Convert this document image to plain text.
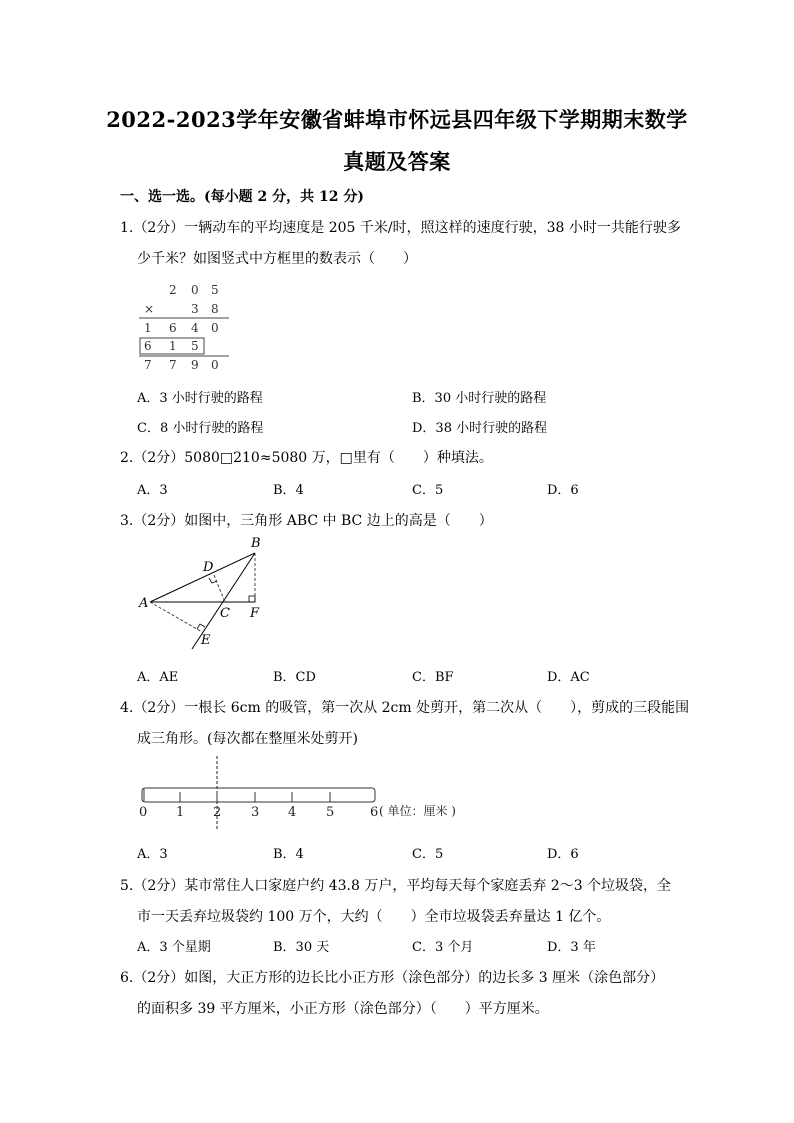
2022-2023学年安徽省蚌埠市怀远县四年级下学期期末数学
真题及答案
一、选一选。(每小题 2 分，共 12 分)
1.（2分）一辆动车的平均速度是 205 千米/时，照这样的速度行驶，38 小时一共能行驶多
少千米？如图竖式中方框里的数表示（　　）
2 0 5
×	3 8
1 6 4 0
6 1 5
7 7 9 0
A．3 小时行驶的路程	B．30 小时行驶的路程
C．8 小时行驶的路程	D．38 小时行驶的路程
2.（2分）5080□210≈5080 万，□里有（　　）种填法。
A．3	B．4	C．5	D．6
3.（2分）如图中，三角形 ABC 中 BC 边上的高是（　　）
B
D
A
C F
E
A．AE	B．CD	C．BF	D．AC
4.（2分）一根长 6cm 的吸管，第一次从 2cm 处剪开，第二次从（　　），剪成的三段能围
成三角形。(每次都在整厘米处剪开)
0 1 2 3 4 5	6 ( 单位：厘米 )
A．3	B．4	C．5	D．6
5.（2分）某市常住人口家庭户约 43.8 万户，平均每天每个家庭丢弃 2～3 个垃圾袋，全
市一天丢弃垃圾袋约 100 万个，大约（　　）全市垃圾袋丢弃量达 1 亿个。
A．3 个星期	B．30 天	C．3 个月	D．3 年
6.（2分）如图，大正方形的边长比小正方形（涂色部分）的边长多 3 厘米（涂色部分）
的面积多 39 平方厘米，小正方形（涂色部分）（　　）平方厘米。
